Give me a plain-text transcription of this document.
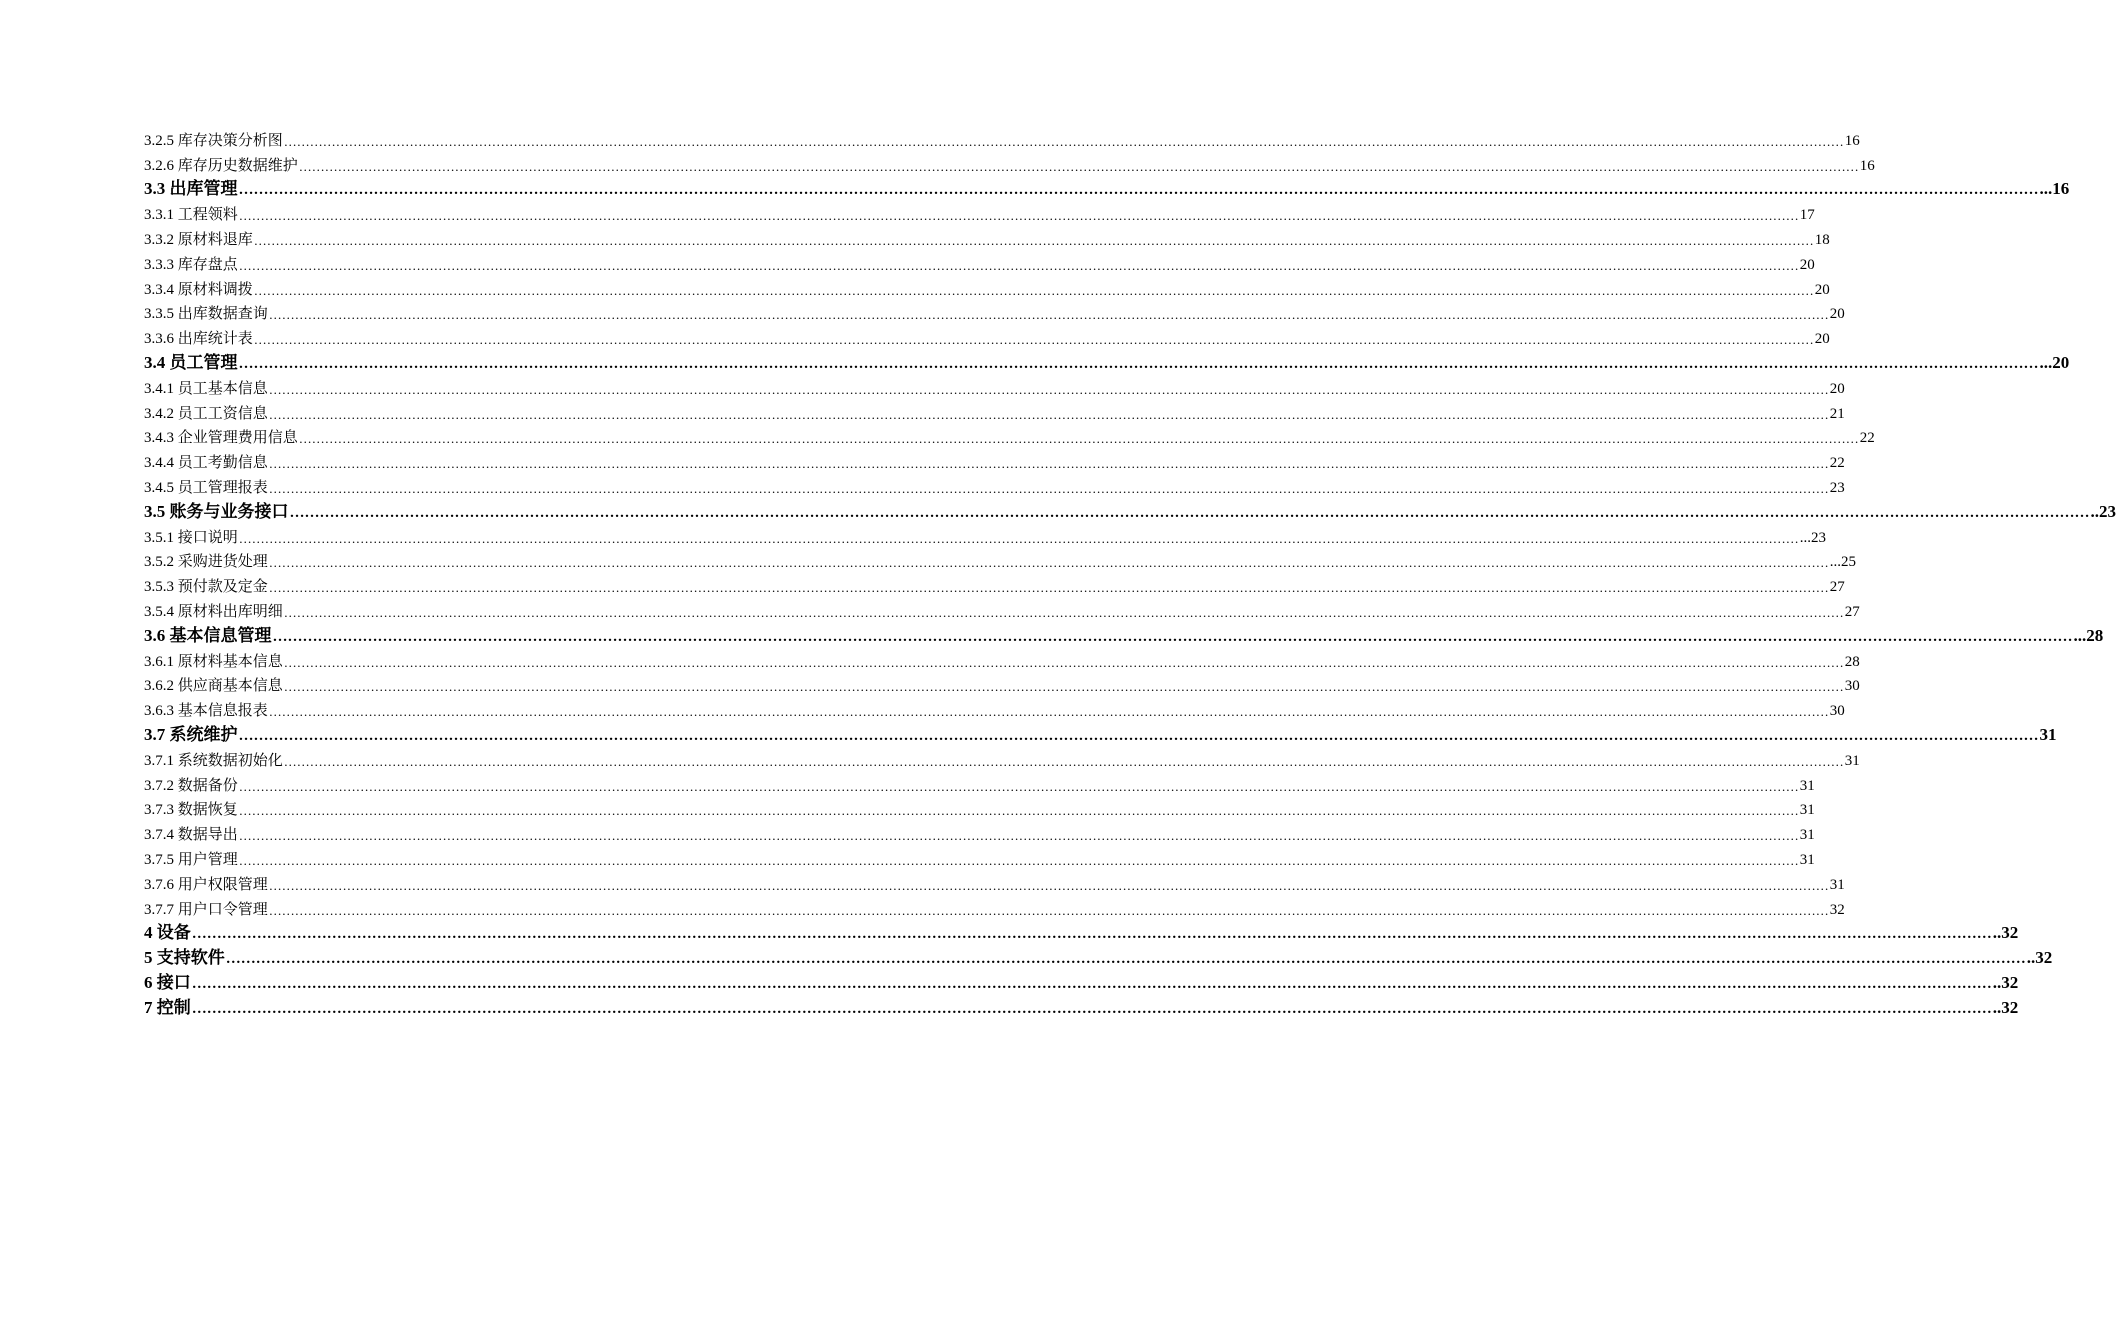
3.2.5 库存决策分析图 ……………………………………………………………………………………………………………………………………………………………………………………………………………………………………………………………………………………………………………………………… 16
3.2.6 库存历史数据维护 ……………………………………………………………………………………………………………………………………………………………………………………………………………………………………………………………………………………………………………………………… 16
3.3 出库管理 ……………………………………………………………………………………………………………………………………………………………………………………………………………………………………………………………………………………………………………………………… ...16
3.3.1 工程领料 ……………………………………………………………………………………………………………………………………………………………………………………………………………………………………………………………………………………………………………………………… 17
3.3.2 原材料退库 ……………………………………………………………………………………………………………………………………………………………………………………………………………………………………………………………………………………………………………………………… 18
3.3.3 库存盘点 ……………………………………………………………………………………………………………………………………………………………………………………………………………………………………………………………………………………………………………………………… 20
3.3.4 原材料调拨 ……………………………………………………………………………………………………………………………………………………………………………………………………………………………………………………………………………………………………………………………… 20
3.3.5 出库数据查询 ……………………………………………………………………………………………………………………………………………………………………………………………………………………………………………………………………………………………………………………………… 20
3.3.6 出库统计表 ……………………………………………………………………………………………………………………………………………………………………………………………………………………………………………………………………………………………………………………………… 20
3.4 员工管理 ……………………………………………………………………………………………………………………………………………………………………………………………………………………………………………………………………………………………………………………………… ...20
3.4.1 员工基本信息 ……………………………………………………………………………………………………………………………………………………………………………………………………………………………………………………………………………………………………………………………… 20
3.4.2 员工工资信息 ……………………………………………………………………………………………………………………………………………………………………………………………………………………………………………………………………………………………………………………………… 21
3.4.3 企业管理费用信息 ……………………………………………………………………………………………………………………………………………………………………………………………………………………………………………………………………………………………………………………………… 22
3.4.4 员工考勤信息 ……………………………………………………………………………………………………………………………………………………………………………………………………………………………………………………………………………………………………………………………… 22
3.4.5 员工管理报表 ……………………………………………………………………………………………………………………………………………………………………………………………………………………………………………………………………………………………………………………………… 23
3.5 账务与业务接口 ……………………………………………………………………………………………………………………………………………………………………………………………………………………………………………………………………………………………………………………………… ..23
3.5.1 接口说明 ……………………………………………………………………………………………………………………………………………………………………………………………………………………………………………………………………………………………………………………………… ...23
3.5.2 采购进货处理 ……………………………………………………………………………………………………………………………………………………………………………………………………………………………………………………………………………………………………………………………… ...25
3.5.3 预付款及定金 ……………………………………………………………………………………………………………………………………………………………………………………………………………………………………………………………………………………………………………………………… 27
3.5.4 原材料出库明细 ……………………………………………………………………………………………………………………………………………………………………………………………………………………………………………………………………………………………………………………………… 27
3.6 基本信息管理 ……………………………………………………………………………………………………………………………………………………………………………………………………………………………………………………………………………………………………………………………… ...28
3.6.1 原材料基本信息 ……………………………………………………………………………………………………………………………………………………………………………………………………………………………………………………………………………………………………………………………… 28
3.6.2 供应商基本信息 ……………………………………………………………………………………………………………………………………………………………………………………………………………………………………………………………………………………………………………………………… 30
3.6.3 基本信息报表 ……………………………………………………………………………………………………………………………………………………………………………………………………………………………………………………………………………………………………………………………… 30
3.7 系统维护 ……………………………………………………………………………………………………………………………………………………………………………………………………………………………………………………………………………………………………………………………… 31
3.7.1 系统数据初始化 ……………………………………………………………………………………………………………………………………………………………………………………………………………………………………………………………………………………………………………………………… 31
3.7.2 数据备份 ……………………………………………………………………………………………………………………………………………………………………………………………………………………………………………………………………………………………………………………………… 31
3.7.3 数据恢复 ……………………………………………………………………………………………………………………………………………………………………………………………………………………………………………………………………………………………………………………………… 31
3.7.4 数据导出 ……………………………………………………………………………………………………………………………………………………………………………………………………………………………………………………………………………………………………………………………… 31
3.7.5 用户管理 ……………………………………………………………………………………………………………………………………………………………………………………………………………………………………………………………………………………………………………………………… 31
3.7.6 用户权限管理 ……………………………………………………………………………………………………………………………………………………………………………………………………………………………………………………………………………………………………………………………… 31
3.7.7 用户口令管理 ……………………………………………………………………………………………………………………………………………………………………………………………………………………………………………………………………………………………………………………………… 32
4 设备 ……………………………………………………………………………………………………………………………………………………………………………………………………………………………………………………………………………………………………………………………… ..32
5 支持软件 ……………………………………………………………………………………………………………………………………………………………………………………………………………………………………………………………………………………………………………………………… ..32
6 接口 ……………………………………………………………………………………………………………………………………………………………………………………………………………………………………………………………………………………………………………………………… ..32
7 控制 ……………………………………………………………………………………………………………………………………………………………………………………………………………………………………………………………………………………………………………………………… ..32
